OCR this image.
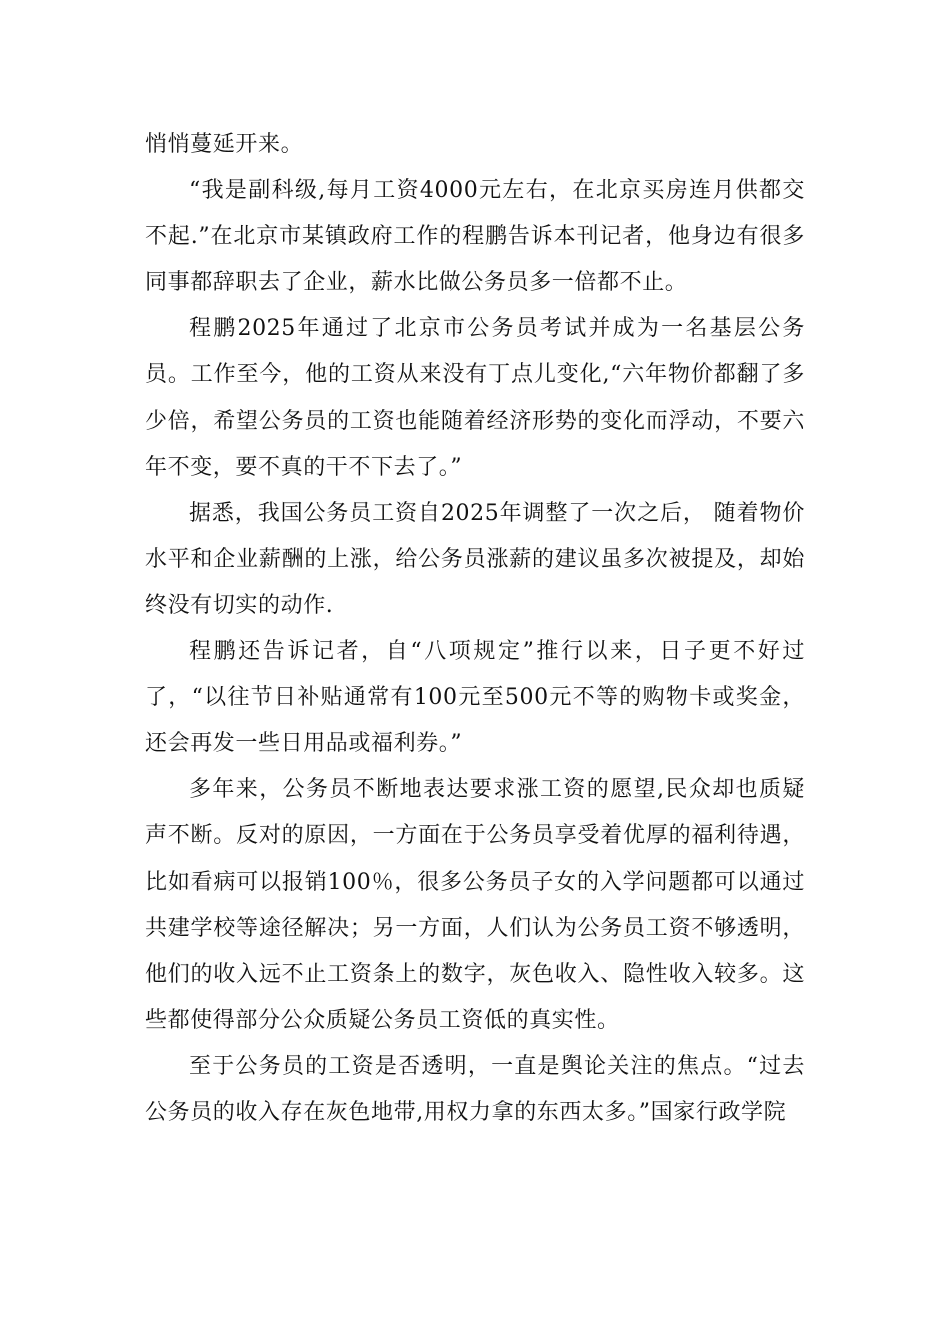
悄悄蔓延开来。

“我是副科级,每月工资4000元左右，在北京买房连月供都交不起.”在北京市某镇政府工作的程鹏告诉本刊记者，他身边有很多同事都辞职去了企业，薪水比做公务员多一倍都不止。

程鹏2025年通过了北京市公务员考试并成为一名基层公务员。工作至今，他的工资从来没有丁点儿变化,“六年物价都翻了多少倍，希望公务员的工资也能随着经济形势的变化而浮动，不要六年不变，要不真的干不下去了。”

据悉，我国公务员工资自2025年调整了一次之后， 随着物价水平和企业薪酬的上涨，给公务员涨薪的建议虽多次被提及，却始终没有切实的动作.

程鹏还告诉记者，自“八项规定”推行以来，日子更不好过了，“以往节日补贴通常有100元至500元不等的购物卡或奖金，还会再发一些日用品或福利券。”

多年来，公务员不断地表达要求涨工资的愿望,民众却也质疑声不断。反对的原因，一方面在于公务员享受着优厚的福利待遇，比如看病可以报销100％，很多公务员子女的入学问题都可以通过共建学校等途径解决；另一方面，人们认为公务员工资不够透明，他们的收入远不止工资条上的数字，灰色收入、隐性收入较多。这些都使得部分公众质疑公务员工资低的真实性。

至于公务员的工资是否透明，一直是舆论关注的焦点。“过去公务员的收入存在灰色地带,用权力拿的东西太多。”国家行政学院
